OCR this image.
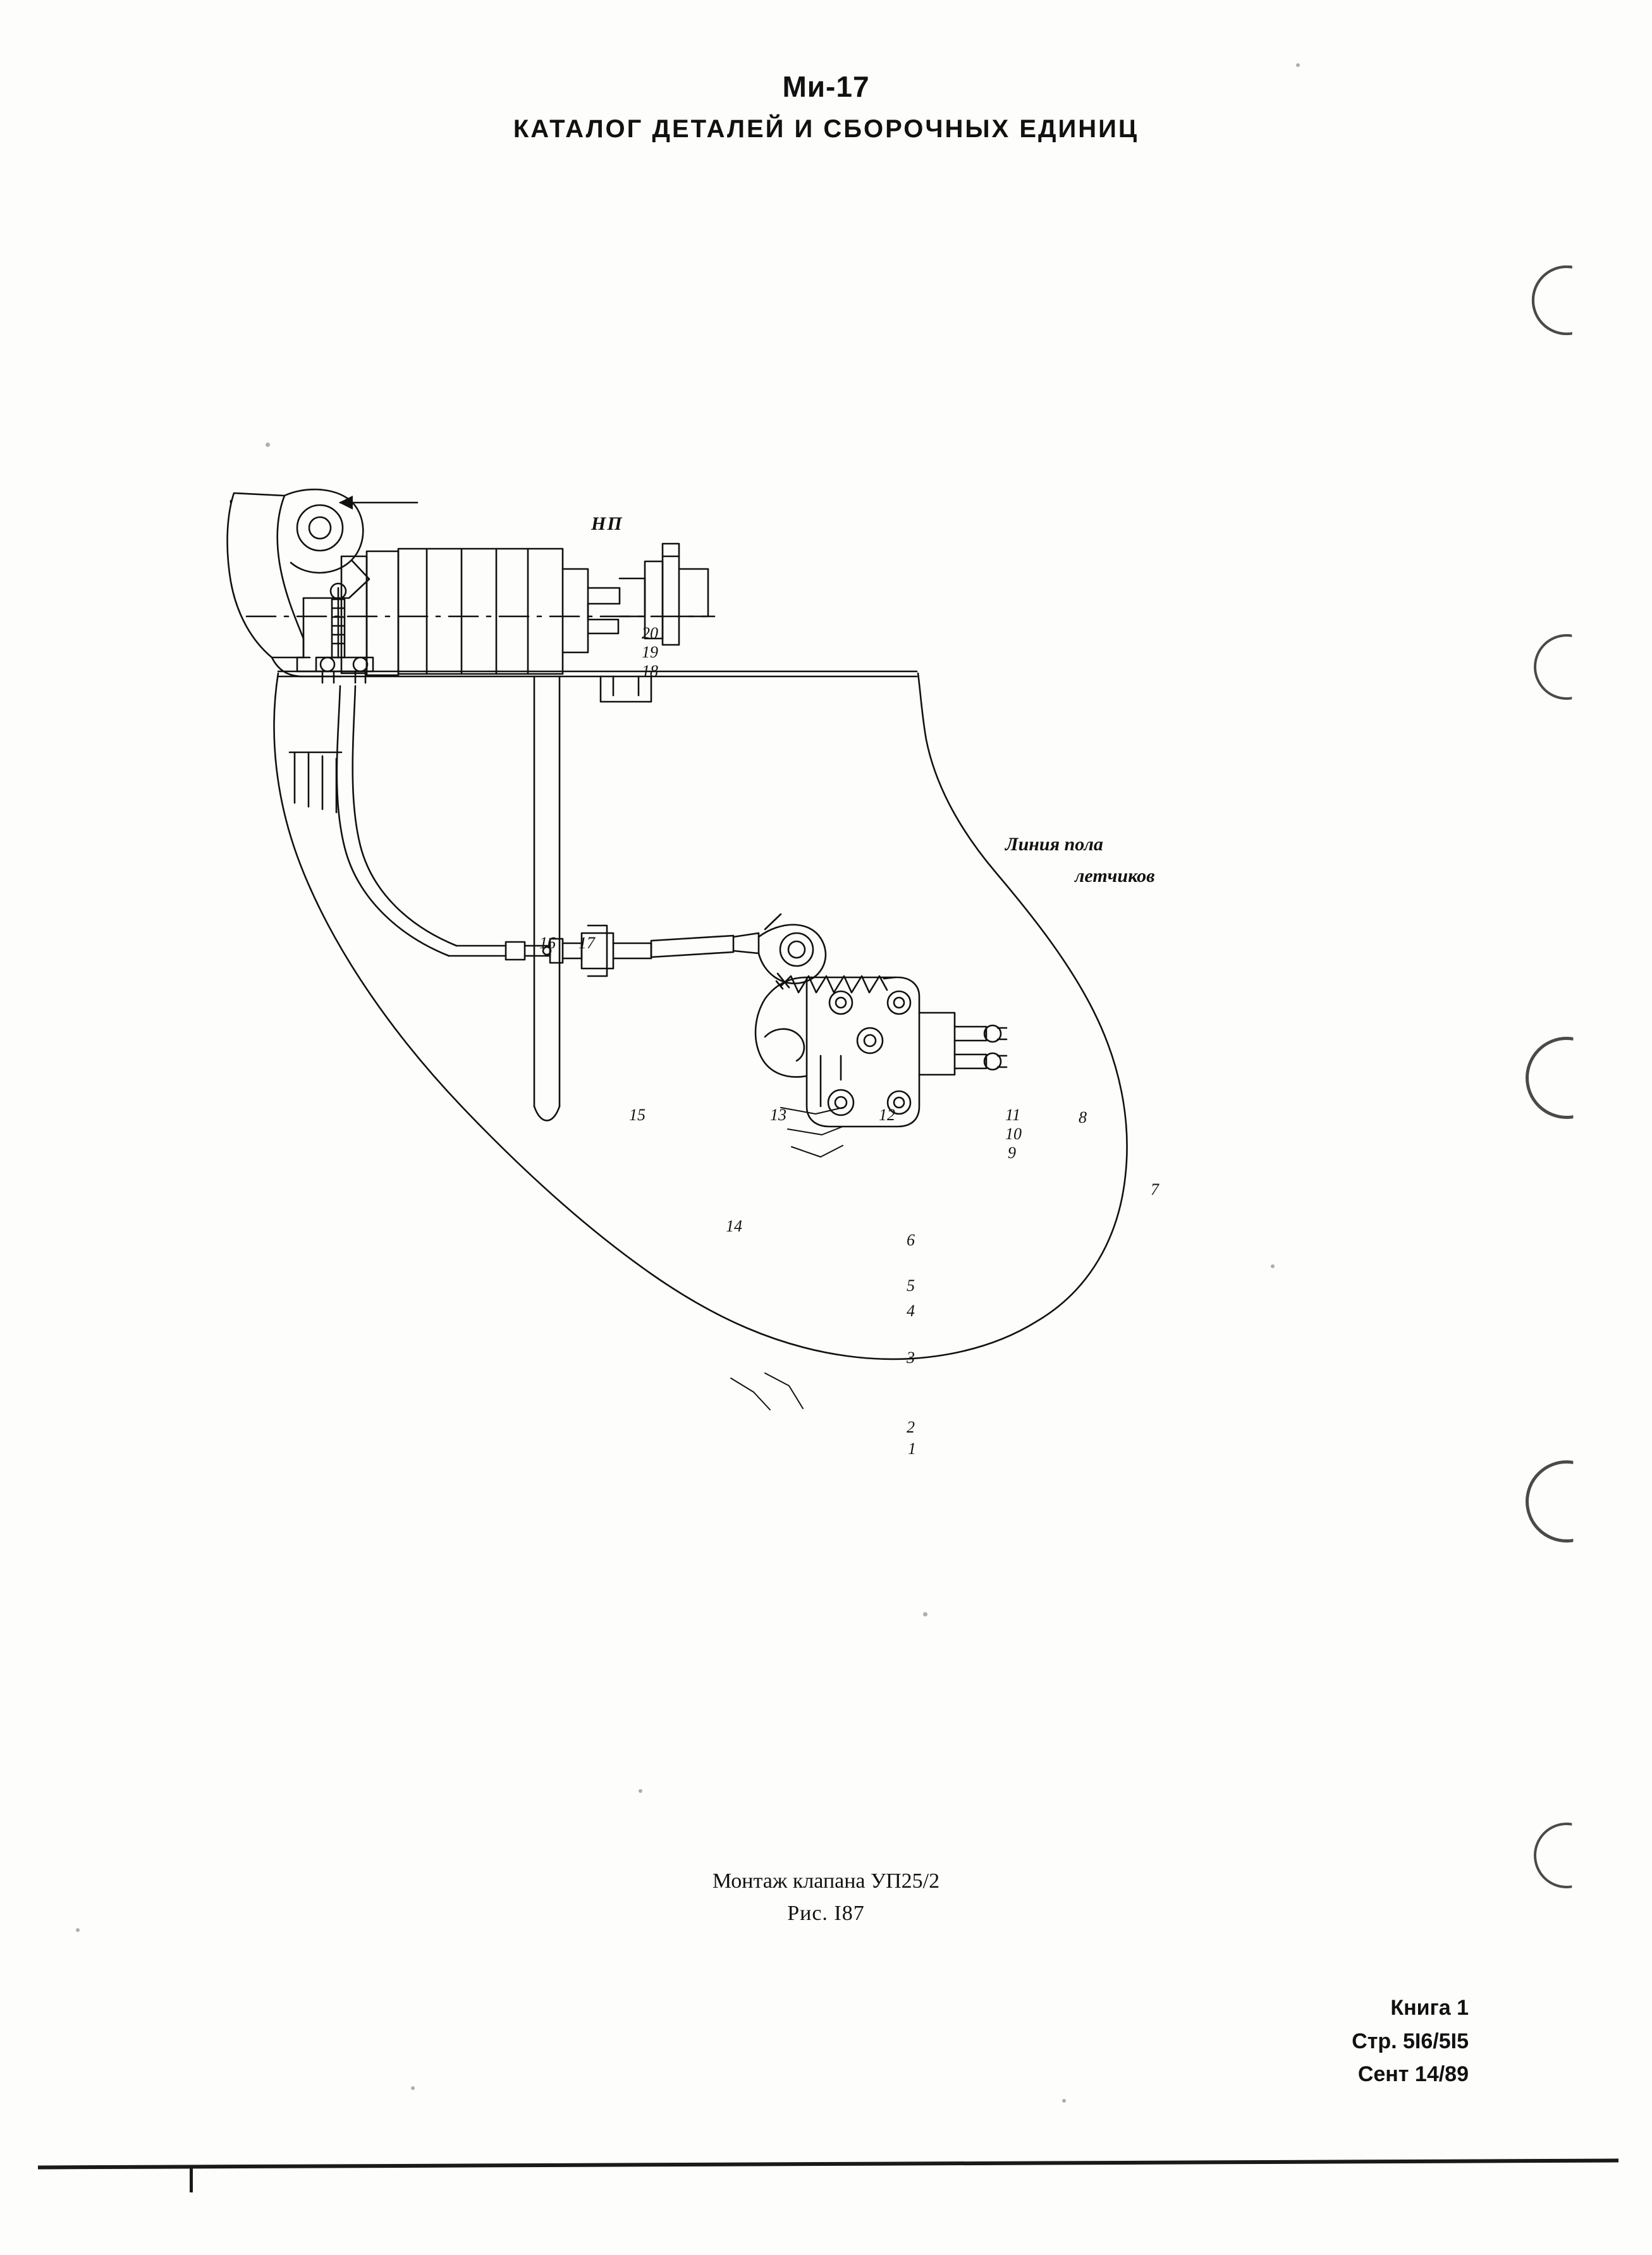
Ми-17
КАТАЛОГ ДЕТАЛЕЙ И СБОРОЧНЫХ ЕДИНИЦ
НП
Линия пола
летчиков
20
19
18
16 17
15
14
13	12	11
10
9
8
7
6
5
4
3
2
1
Монтаж клапана УП25/2
Рис. I87
Книга 1
Стр. 5I6/5I5
Сент 14/89
